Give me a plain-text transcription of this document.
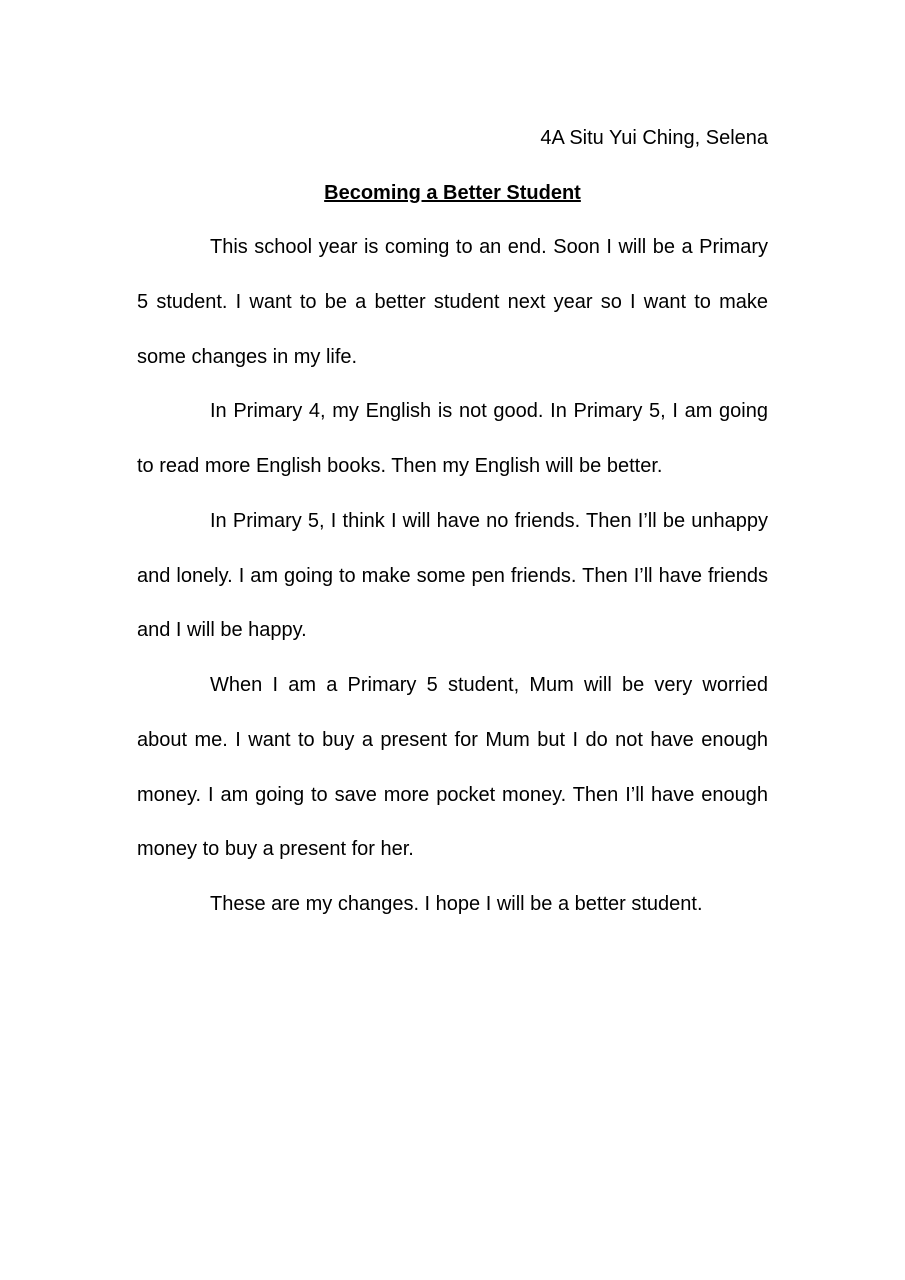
4A Situ Yui Ching, Selena

Becoming a Better Student

This school year is coming to an end. Soon I will be a Primary 5 student. I want to be a better student next year so I want to make some changes in my life.

In Primary 4, my English is not good. In Primary 5, I am going to read more English books. Then my English will be better.

In Primary 5, I think I will have no friends. Then I’ll be unhappy and lonely. I am going to make some pen friends. Then I’ll have friends and I will be happy.

When I am a Primary 5 student, Mum will be very worried about me. I want to buy a present for Mum but I do not have enough money. I am going to save more pocket money. Then I’ll have enough money to buy a present for her.

These are my changes. I hope I will be a better student.
